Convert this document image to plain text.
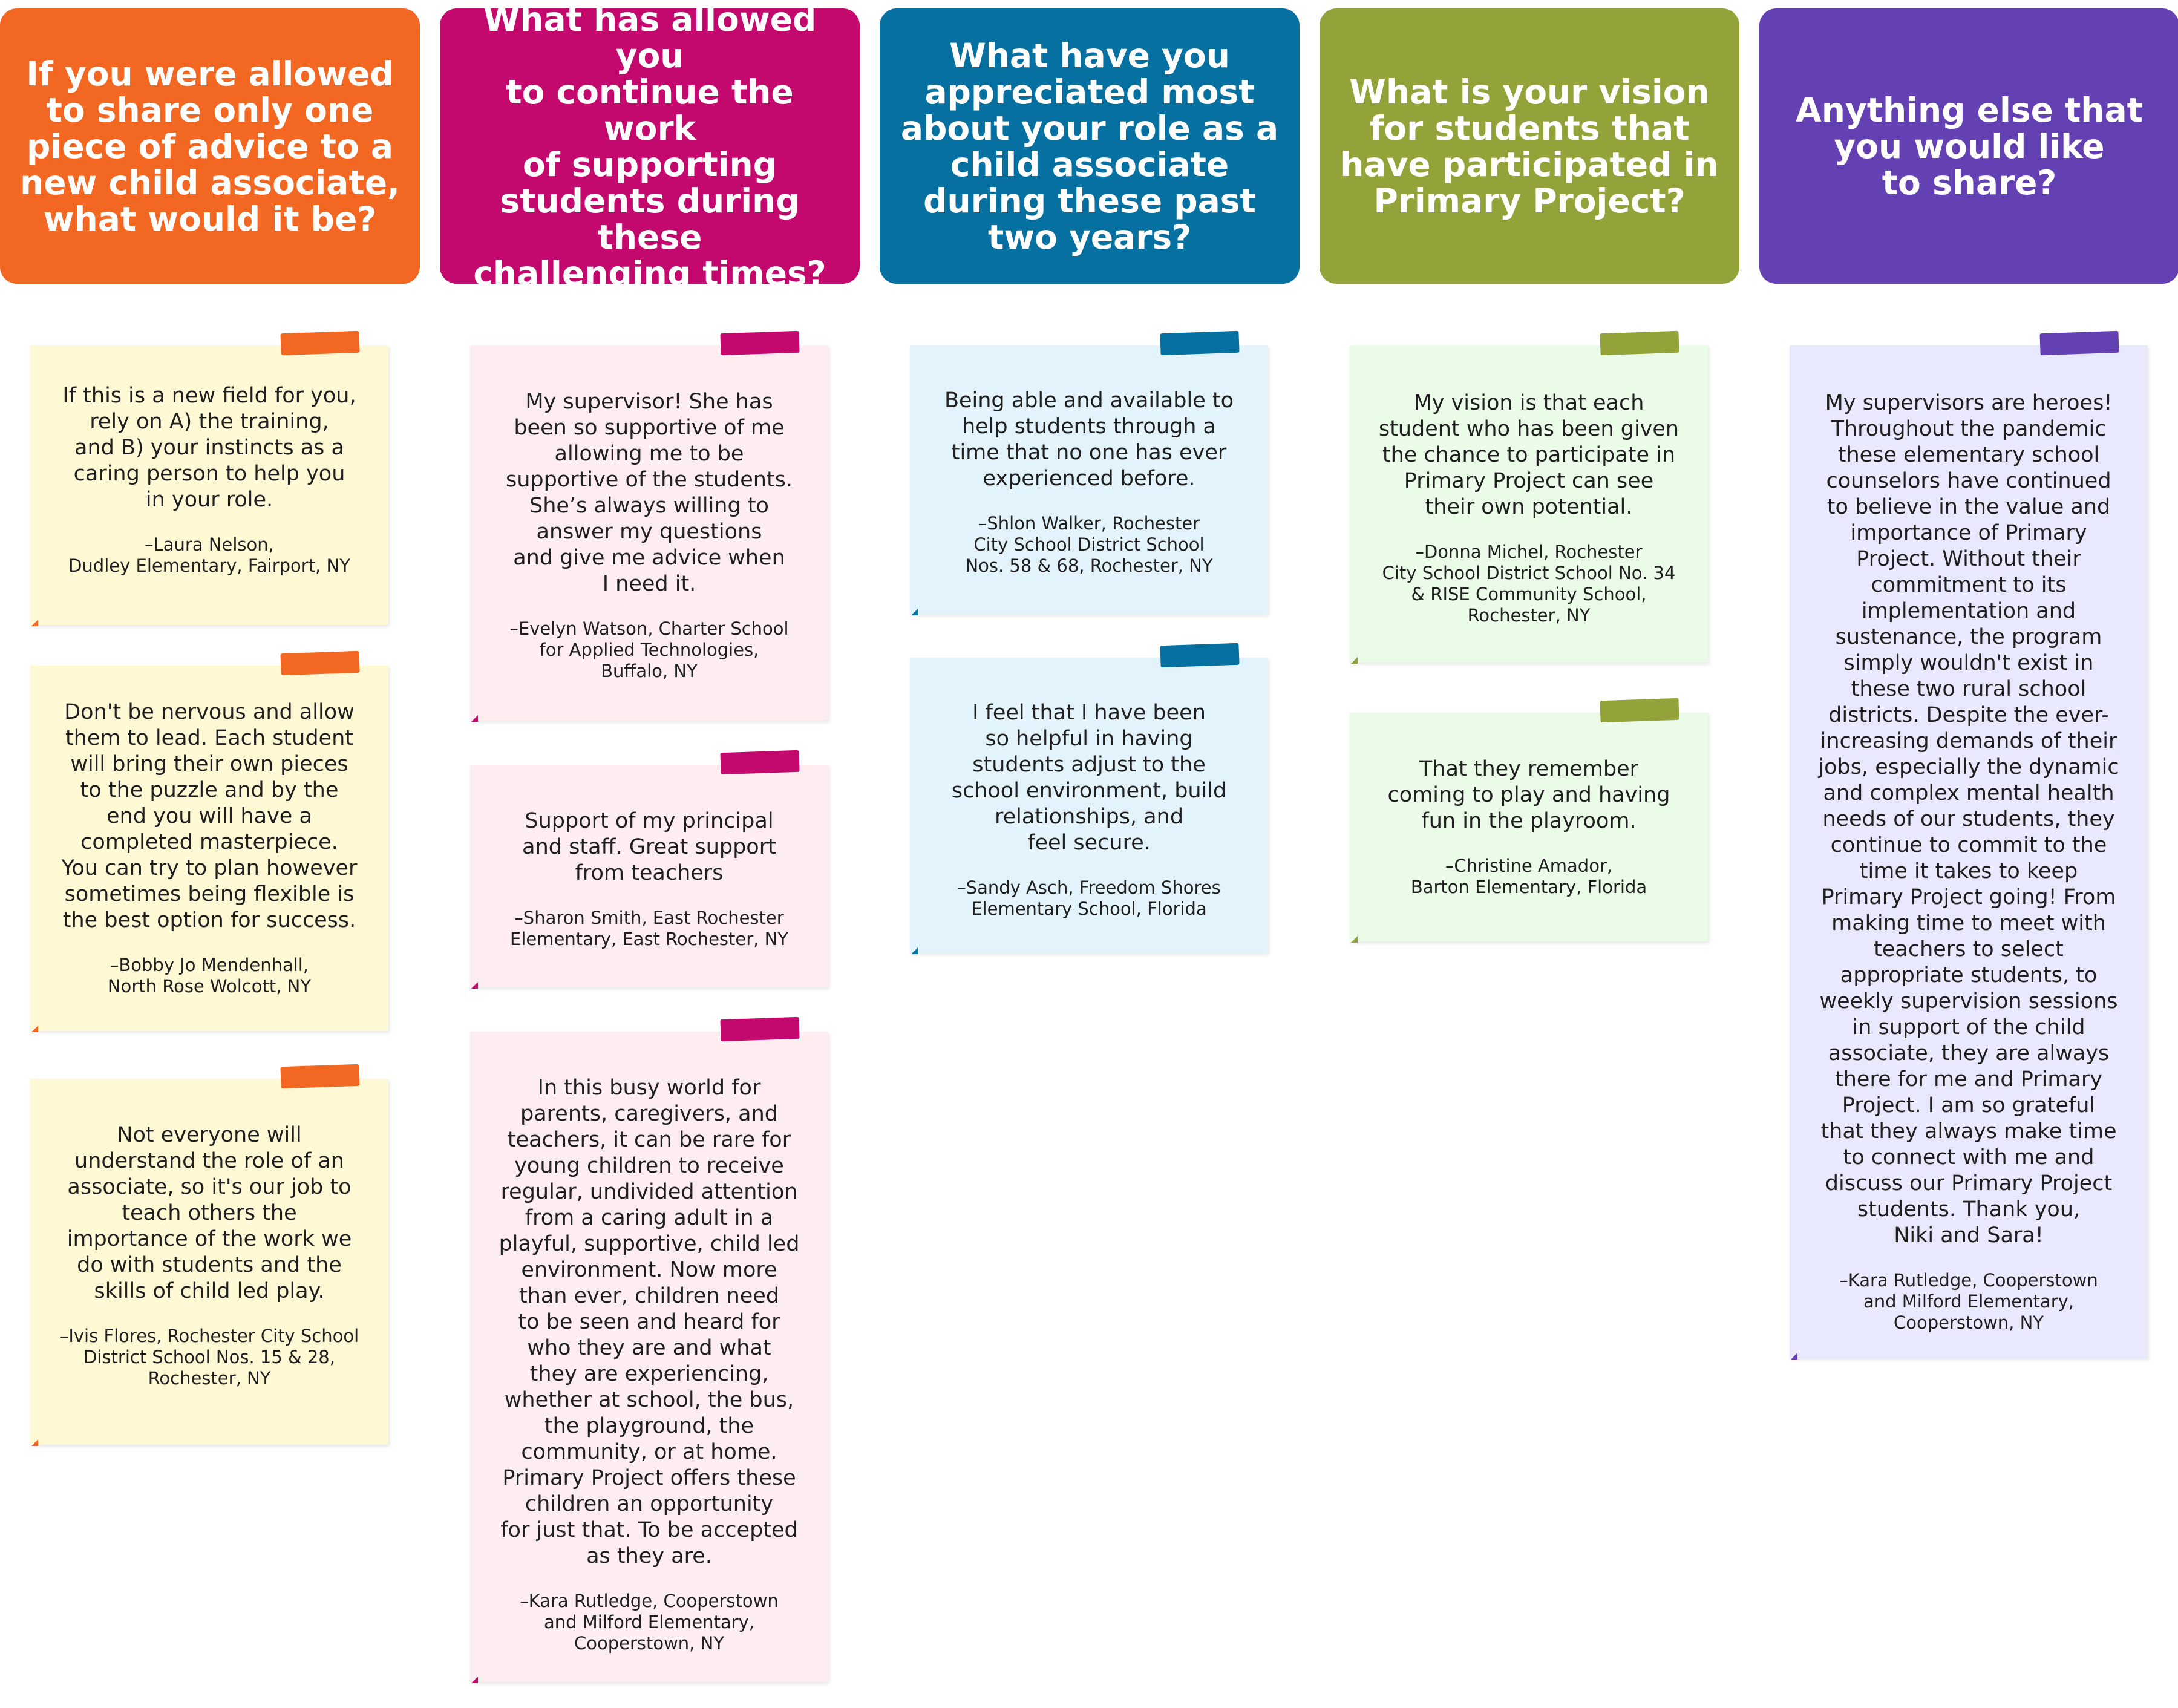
If you were allowed
to share only one
piece of advice to a
new child associate,
what would it be?
If this is a new field for you,
rely on A) the training,
and B) your instincts as a
caring person to help you
in your role.
–Laura Nelson,
Dudley Elementary, Fairport, NY
Don't be nervous and allow
them to lead. Each student
will bring their own pieces
to the puzzle and by the
end you will have a
completed masterpiece.
You can try to plan however
sometimes being flexible is
the best option for success.
–Bobby Jo Mendenhall,
North Rose Wolcott, NY
Not everyone will
understand the role of an
associate, so it's our job to
teach others the
importance of the work we
do with students and the
skills of child led play.
–Ivis Flores, Rochester City School
District School Nos. 15 & 28,
Rochester, NY
What has allowed you
to continue the work
of supporting
students during these
challenging times?
My supervisor! She has
been so supportive of me
allowing me to be
supportive of the students.
She’s always willing to
answer my questions
and give me advice when
I need it.
–Evelyn Watson, Charter School
for Applied Technologies,
Buffalo, NY
Support of my principal
and staff. Great support
from teachers
–Sharon Smith, East Rochester
Elementary, East Rochester, NY
In this busy world for
parents, caregivers, and
teachers, it can be rare for
young children to receive
regular, undivided attention
from a caring adult in a
playful, supportive, child led
environment. Now more
than ever, children need
to be seen and heard for
who they are and what
they are experiencing,
whether at school, the bus,
the playground, the
community, or at home.
Primary Project offers these
children an opportunity
for just that. To be accepted
as they are.
–Kara Rutledge, Cooperstown
and Milford Elementary,
Cooperstown, NY
What have you
appreciated most
about your role as a
child associate
during these past
two years?
Being able and available to
help students through a
time that no one has ever
experienced before.
–Shlon Walker, Rochester
City School District School
Nos. 58 & 68, Rochester, NY
I feel that I have been
so helpful in having
students adjust to the
school environment, build
relationships, and
feel secure.
–Sandy Asch, Freedom Shores
Elementary School, Florida
What is your vision
for students that
have participated in
Primary Project?
My vision is that each
student who has been given
the chance to participate in
Primary Project can see
their own potential.
–Donna Michel, Rochester
City School District School No. 34
& RISE Community School,
Rochester, NY
That they remember
coming to play and having
fun in the playroom.
–Christine Amador,
Barton Elementary, Florida
Anything else that
you would like
to share?
My supervisors are heroes!
Throughout the pandemic
these elementary school
counselors have continued
to believe in the value and
importance of Primary
Project. Without their
commitment to its
implementation and
sustenance, the program
simply wouldn't exist in
these two rural school
districts. Despite the ever-
increasing demands of their
jobs, especially the dynamic
and complex mental health
needs of our students, they
continue to commit to the
time it takes to keep
Primary Project going! From
making time to meet with
teachers to select
appropriate students, to
weekly supervision sessions
in support of the child
associate, they are always
there for me and Primary
Project. I am so grateful
that they always make time
to connect with me and
discuss our Primary Project
students. Thank you,
Niki and Sara!
–Kara Rutledge, Cooperstown
and Milford Elementary,
Cooperstown, NY
